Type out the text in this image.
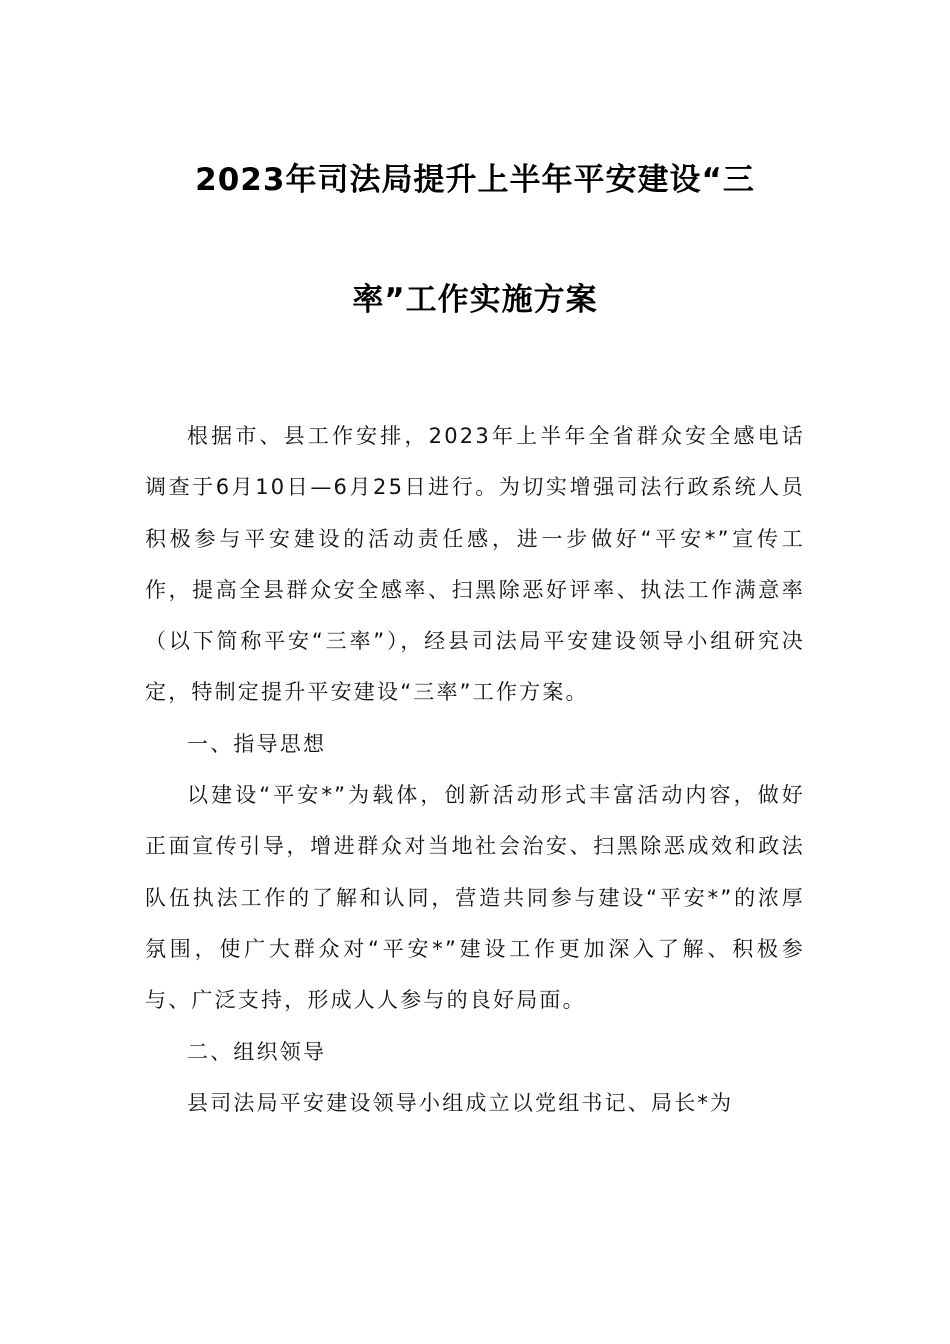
2023年司法局提升上半年平安建设“三
率”工作实施方案

根据市、县工作安排，2023年上半年全省群众安全感电话调查于6月10日—6月25日进行。为切实增强司法行政系统人员积极参与平安建设的活动责任感，进一步做好“平安*”宣传工作，提高全县群众安全感率、扫黑除恶好评率、执法工作满意率（以下简称平安“三率”），经县司法局平安建设领导小组研究决定，特制定提升平安建设“三率”工作方案。

一、指导思想

以建设“平安*”为载体，创新活动形式丰富活动内容，做好正面宣传引导，增进群众对当地社会治安、扫黑除恶成效和政法队伍执法工作的了解和认同，营造共同参与建设“平安*”的浓厚氛围，使广大群众对“平安*”建设工作更加深入了解、积极参与、广泛支持，形成人人参与的良好局面。

二、组织领导

县司法局平安建设领导小组成立以党组书记、局长*为
